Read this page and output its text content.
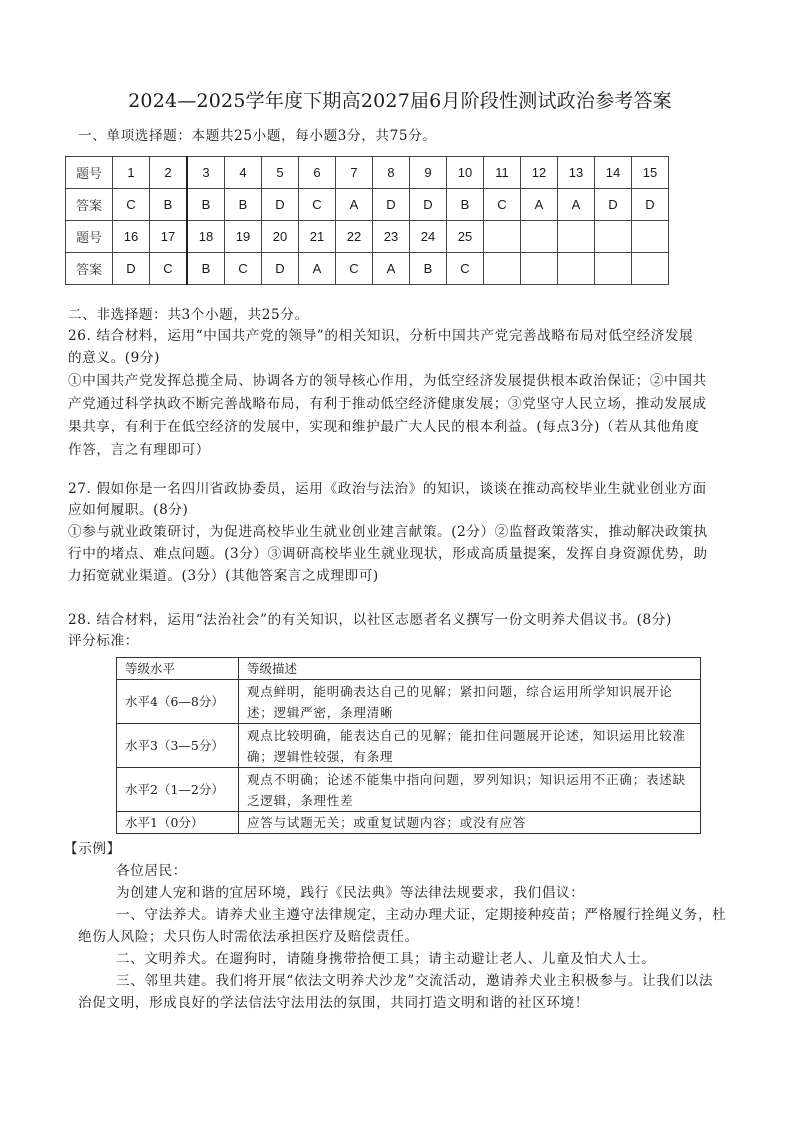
2024—2025学年度下期高2027届6月阶段性测试政治参考答案
一、单项选择题：本题共25小题，每小题3分，共75分。
题号	1	2	3	4	5	6	7	8	9	10	11	12	13	14	15
答案	C	B	B	B	D	C	A	D	D	B	C	A	A	D	D
题号	16	17	18	19	20	21	22	23	24	25					
答案	D	C	B	C	D	A	C	A	B	C					
二、非选择题：共3个小题，共25分。
26. 结合材料，运用“中国共产党的领导”的相关知识，分析中国共产党完善战略布局对低空经济发展
的意义。(9分)
①中国共产党发挥总揽全局、协调各方的领导核心作用，为低空经济发展提供根本政治保证；②中国共
产党通过科学执政不断完善战略布局，有利于推动低空经济健康发展；③党坚守人民立场，推动发展成
果共享，有利于在低空经济的发展中，实现和维护最广大人民的根本利益。(每点3分)（若从其他角度
作答，言之有理即可）
27. 假如你是一名四川省政协委员，运用《政治与法治》的知识，谈谈在推动高校毕业生就业创业方面
应如何履职。(8分)
①参与就业政策研讨，为促进高校毕业生就业创业建言献策。(2分）②监督政策落实，推动解决政策执
行中的堵点、难点问题。(3分）③调研高校毕业生就业现状，形成高质量提案，发挥自身资源优势，助
力拓宽就业渠道。(3分）(其他答案言之成理即可)
28. 结合材料，运用“法治社会”的有关知识，以社区志愿者名义撰写一份文明养犬倡议书。(8分)
评分标准：
等级水平	等级描述
水平4（6—8分）	观点鲜明，能明确表达自己的见解；紧扣问题，综合运用所学知识展开论述；逻辑严密，条理清晰
水平3（3—5分）	观点比较明确，能表达自己的见解；能扣住问题展开论述，知识运用比较准确；逻辑性较强，有条理
水平2（1—2分）	观点不明确；论述不能集中指向问题，罗列知识；知识运用不正确；表述缺乏逻辑，条理性差
水平1（0分）	应答与试题无关；或重复试题内容；或没有应答
【示例】
各位居民：
为创建人宠和谐的宜居环境，践行《民法典》等法律法规要求，我们倡议：
一、守法养犬。请养犬业主遵守法律规定，主动办理犬证，定期接种疫苗；严格履行拴绳义务，杜
绝伤人风险；犬只伤人时需依法承担医疗及赔偿责任。
二、文明养犬。在遛狗时，请随身携带拾便工具；请主动避让老人、儿童及怕犬人士。
三、邻里共建。我们将开展“依法文明养犬沙龙”交流活动，邀请养犬业主积极参与。让我们以法
治促文明，形成良好的学法信法守法用法的氛围，共同打造文明和谐的社区环境！
